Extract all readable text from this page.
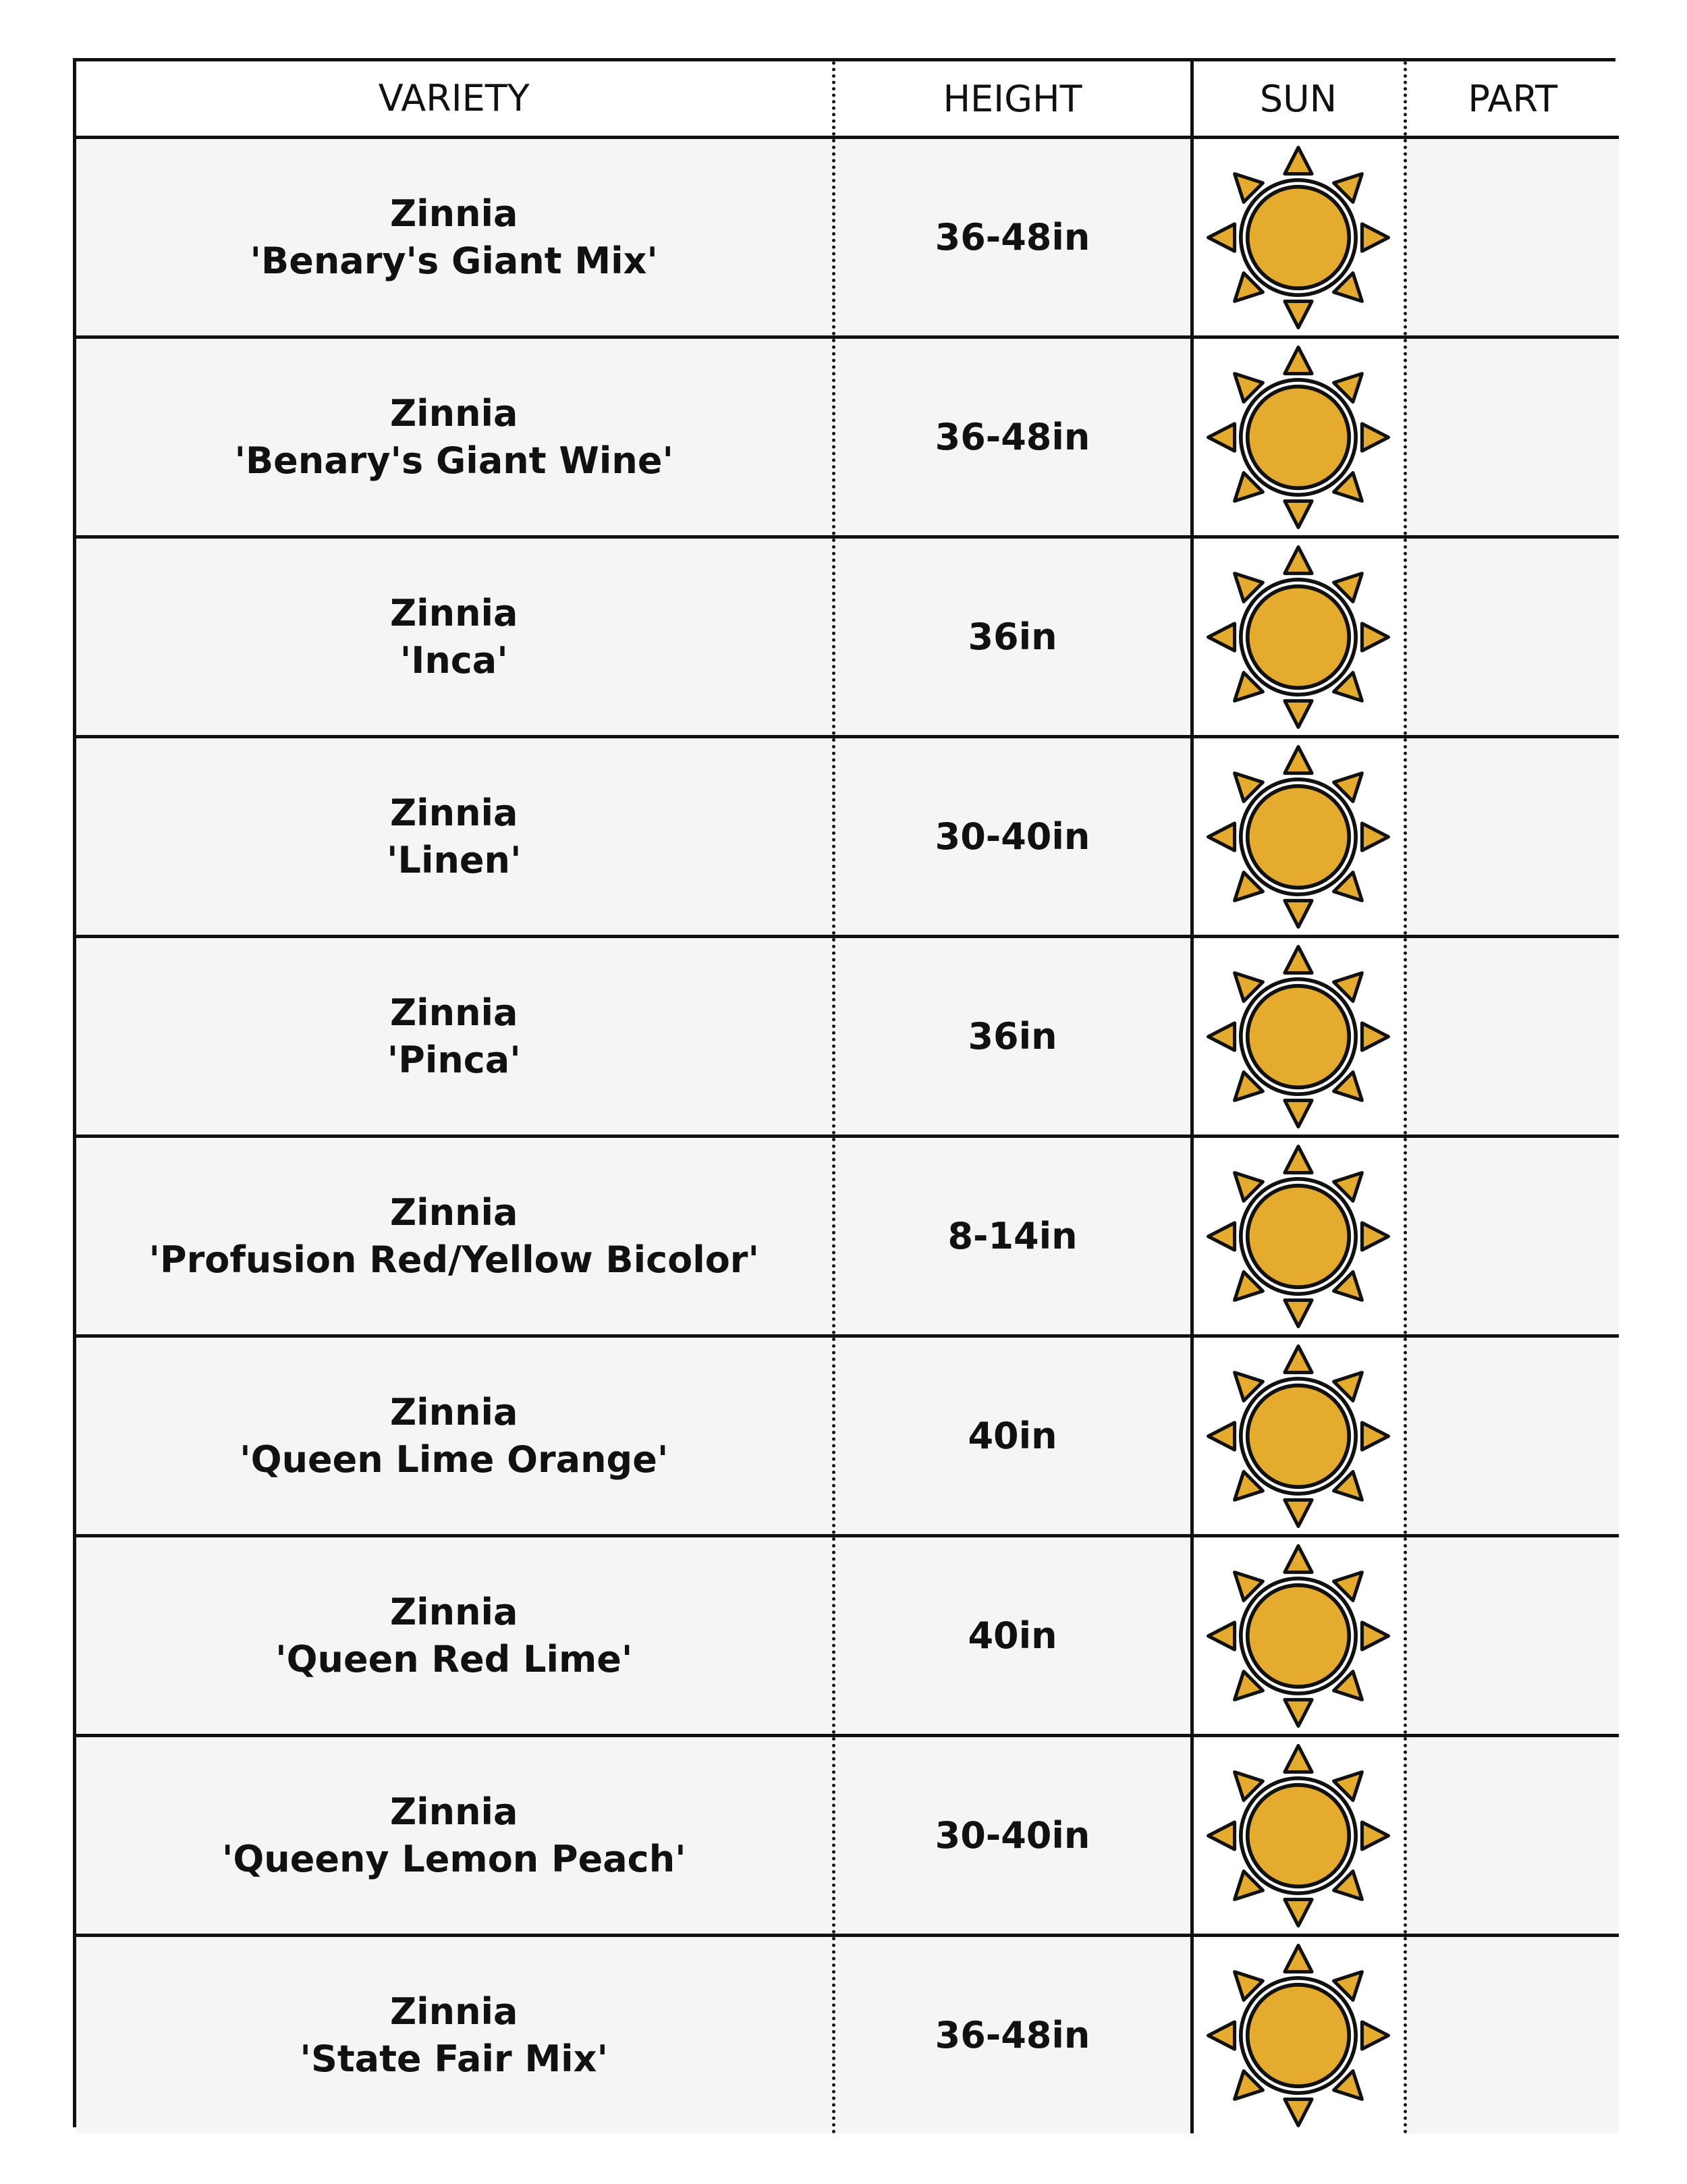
VARIETY	HEIGHT	SUN	PART

Zinnia
'Benary's Giant Mix'	36-48in	

Zinnia
'Benary's Giant Wine'	36-48in	

Zinnia
'Inca'	36in	

Zinnia
'Linen'	30-40in	

Zinnia
'Pinca'	36in	

Zinnia
'Profusion Red/Yellow Bicolor'	8-14in	

Zinnia
'Queen Lime Orange'	40in	

Zinnia
'Queen Red Lime'	40in	

Zinnia
'Queeny Lemon Peach'	30-40in	

Zinnia
'State Fair Mix'	36-48in	
